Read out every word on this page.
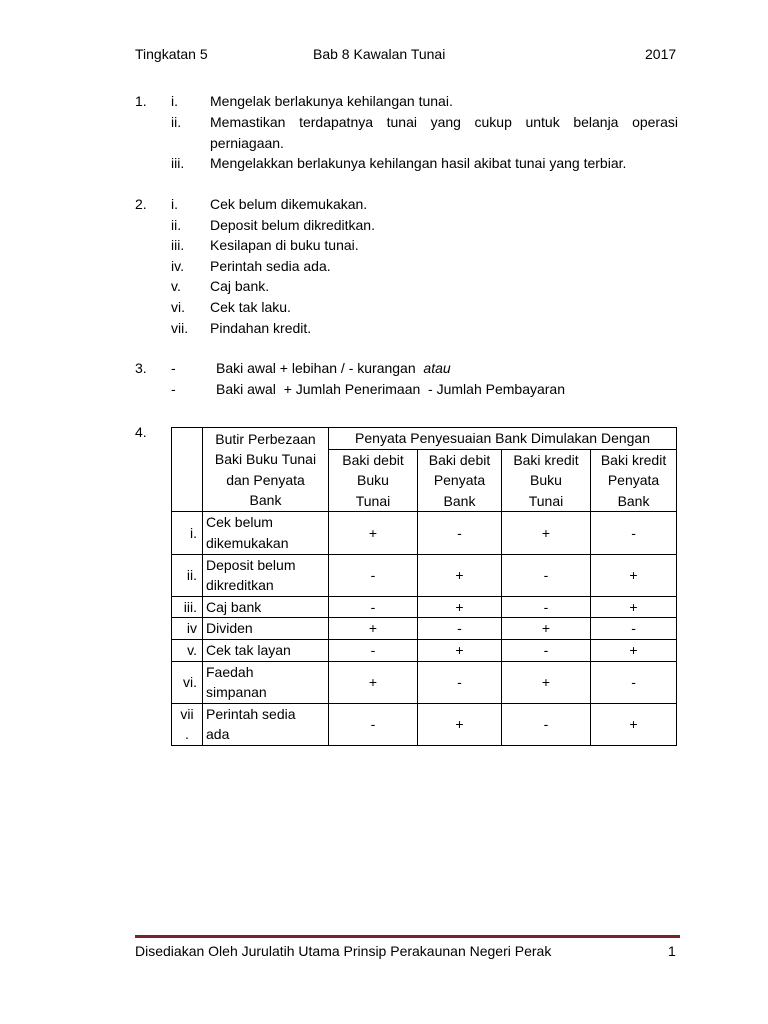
Tingkatan 5	Bab 8 Kawalan Tunai	2017
1. i. Mengelak berlakunya kehilangan tunai.
ii. Memastikan terdapatnya tunai yang cukup untuk belanja operasi
perniagaan.
iii. Mengelakkan berlakunya kehilangan hasil akibat tunai yang terbiar.
2. i. Cek belum dikemukakan.
ii. Deposit belum dikreditkan.
iii. Kesilapan di buku tunai.
iv. Perintah sedia ada.
v. Caj bank.
vi. Cek tak laku.
vii. Pindahan kredit.
3. -	Baki awal + lebihan / - kurangan atau
-	Baki awal  + Jumlah Penerimaan  - Jumlah Pembayaran
4.
		Butir Perbezaan
Baki Buku Tunai
dan Penyata
Bank	Penyata Penyesuaian Bank Dimulakan Dengan			
		Baki debit
Buku
Tunai	Baki debit
Penyata
Bank	Baki kredit
Buku
Tunai	Baki kredit
Penyata
Bank
i.	Cek belum
dikemukakan	+	-	+	-
ii.	Deposit belum
dikreditkan	-	+	-	+
iii.	Caj bank	-	+	-	+
iv	Dividen	+	-	+	-
v.	Cek tak layan	-	+	-	+
vi.	Faedah
simpanan	+	-	+	-
vii
.	Perintah sedia
ada	-	+	-	+
Disediakan Oleh Jurulatih Utama Prinsip Perakaunan Negeri Perak	1
